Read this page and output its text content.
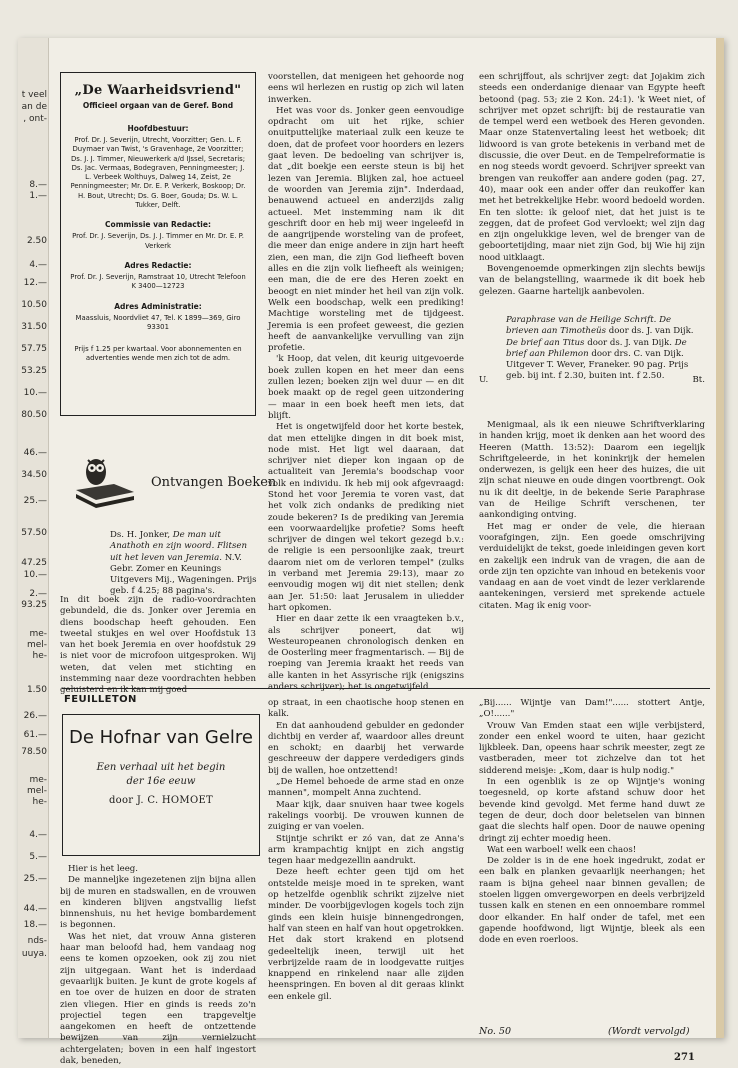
t veel
an de
, ont-
8.—
1.—
2.50
4.—
12.—
10.50
31.50
57.75
53.25
10.—
80.50
46.—
34.50
25.—
57.50
47.25
10.—
2.—
93.25
me-
mel-
he-
1.50
26.—
61.—
78.50
me-
mel-
he-
4.—
5.—
25.—
44.—
18.—
nds-
uuya.
„De Waarheidsvriend"
Officieel orgaan van de Geref. Bond
Hoofdbestuur:
Prof. Dr. J. Severijn, Utrecht, Voorzitter; Gen. L. F. Duymaer van Twist, 's Gravenhage, 2e Voorzitter; Ds. J. J. Timmer, Nieuwerkerk a/d IJssel, Secretaris; Ds. Jac. Vermaas, Bodegraven, Penningmeester; J. L. Verbeek Wolthuys, Dalweg 14, Zeist, 2e Penningmeester; Mr. Dr. E. P. Verkerk, Boskoop; Dr. H. Bout, Utrecht; Ds. G. Boer, Gouda; Ds. W. L. Tukker, Delft.
Commissie van Redactie:
Prof. Dr. J. Severijn, Ds. J. J. Timmer en Mr. Dr. E. P. Verkerk
Adres Redactie:
Prof. Dr. J. Severijn, Ramstraat 10, Utrecht Telefoon K 3400—12723
Adres Administratie:
Maassluis, Noordvliet 47, Tel. K 1899—369, Giro 93301
Prijs f 1.25 per kwartaal. Voor abonnementen en advertenties wende men zich tot de adm.
Ontvangen Boeken
Ds. H. Jonker, De man uit Anathoth en zijn woord. Flitsen uit het leven van Jeremia. N.V. Gebr. Zomer en Keunings Uitgevers Mij., Wageningen. Prijs geb. f 4.25; 88 pagina's.

In dit boek zijn de radio-voordrachten gebundeld, die ds. Jonker over Jeremia en diens boodschap heeft gehouden. Een tweetal stukjes en wel over Hoofdstuk 13 van het boek Jeremia en over hoofdstuk 29 is niet voor de microfoon uitgesproken. Wij weten, dat velen met stichting en instemming naar deze voordrachten hebben geluisterd en ik kan mij goed

voorstellen, dat menigeen het gehoorde nog eens wil herlezen en rustig op zich wil laten inwerken.

Het was voor ds. Jonker geen eenvoudige opdracht om uit het rijke, schier onuitputtelijke materiaal zulk een keuze te doen, dat de profeet voor hoorders en lezers gaat leven. De bedoeling van schrijver is, dat „dit boekje een eerste steun is bij het lezen van Jeremia. Blijken zal, hoe actueel de woorden van Jeremia zijn". Inderdaad, benauwend actueel en anderzijds zalig actueel. Met instemming nam ik dit geschrift door en heb mij weer ingeleefd in de aangrijpende worsteling van de profeet, die meer dan enige andere in zijn hart heeft zien, een man, die zijn God liefheeft boven alles en die zijn volk liefheeft als weinigen; een man, die de ere des Heren zoekt en beoogt en niet minder het heil van zijn volk. Welk een boodschap, welk een prediking! Machtige worsteling met de tijdgeest. Jeremia is een profeet geweest, die gezien heeft de aanvankelijke vervulling van zijn profetie.

'k Hoop, dat velen, dit keurig uitgevoerde boek zullen kopen en het meer dan eens zullen lezen; boeken zijn wel duur — en dit boek maakt op de regel geen uitzondering — maar in een boek heeft men iets, dat blijft.

Het is ongetwijfeld door het korte bestek, dat men ettelijke dingen in dit boek mist, node mist. Het ligt wel daaraan, dat schrijver niet dieper kon ingaan op de actualiteit van Jeremia's boodschap voor volk en individu. Ik heb mij ook afgevraagd: Stond het voor Jeremia te voren vast, dat het volk zich ondanks de prediking niet zoude bekeren? Is de prediking van Jeremia een voorwaardelijke profetie? Soms heeft schrijver de dingen wel tekort gezegd b.v.: de religie is een persoonlijke zaak, treurt daarom niet om de verloren tempel" (zulks in verband met Jeremia 29:13), maar zo eenvoudig mogen wij dit niet stellen; denk aan Jer. 51:50: laat Jerusalem in uliedder hart opkomen.

Hier en daar zette ik een vraagteken b.v., als schrijver poneert, dat wij Westeuropeanen chronologisch denken en de Oosterling meer fragmentarisch. — Bij de roeping van Jeremia kraakt het reeds van alle kanten in het Assyrische rijk (enigszins anders schrijver); het is ongetwijfeld

een schrijffout, als schrijver zegt: dat Jojakim zich steeds een onderdanige dienaar van Egypte heeft betoond (pag. 53; zie 2 Kon. 24:1). 'k Weet niet, of schrijver met opzet schrijft: bij de restauratie van de tempel werd een wetboek des Heren gevonden. Maar onze Statenvertaling leest het wetboek; dit lidwoord is van grote betekenis in verband met de discussie, die over Deut. en de Tempelreformatie is en nog steeds wordt gevoerd. Schrijver spreekt van brengen van reukoffer aan andere goden (pag. 27, 40), maar ook een ander offer dan reukoffer kan met het betrekkelijke Hebr. woord bedoeld worden. En ten slotte: ik geloof niet, dat het juist is te zeggen, dat de profeet God vervloekt; wel zijn dag en zijn ongelukkige leven, wel de brenger van de geboortetijding, maar niet zijn God, bij Wie hij zijn nood uitklaagt.

Bovengenoemde opmerkingen zijn slechts bewijs van de belangstelling, waarmede ik dit boek heb gelezen. Gaarne hartelijk aanbevolen.

U.	Bt.
Paraphrase van de Heilige Schrift. De brieven aan Timotheüs door ds. J. van Dijk. De brief aan Titus door ds. J. van Dijk. De brief aan Philemon door drs. C. van Dijk. Uitgever T. Wever, Franeker. 90 pag. Prijs geb. bij int. f 2.30, buiten int. f 2.50.

Menigmaal, als ik een nieuwe Schriftverklaring in handen krijg, moet ik denken aan het woord des Heeren (Matth. 13:52): Daarom een iegelijk Schriftgeleerde, in het koninkrijk der hemelen onderwezen, is gelijk een heer des huizes, die uit zijn schat nieuwe en oude dingen voortbrengt. Ook nu ik dit deeltje, in de bekende Serie Paraphrase van de Heilige Schrift verschenen, ter aankondiging ontving.

Het mag er onder de vele, die hieraan voorafgingen, zijn. Een goede omschrijving verduidelijkt de tekst, goede inleidingen geven kort en zakelijk een indruk van de vragen, die aan de orde zijn ten opzichte van inhoud en betekenis voor vandaag en aan de voet vindt de lezer verklarende aantekeningen, versierd met sprekende actuele citaten. Mag ik enig voor-

FEUILLETON
De Hofnar van Gelre
Een verhaal uit het begin
der 16e eeuw
door J. C. HOMOET

Hier is het leeg.

De manneljke ingezetenen zijn bijna allen bij de muren en stadswallen, en de vrouwen en kinderen blijven angstvallig liefst binnenshuis, nu het hevige bombardement is begonnen.

Was het niet, dat vrouw Anna gisteren haar man beloofd had, hem vandaag nog eens te komen opzoeken, ook zij zou niet zijn uitgegaan. Want het is inderdaad gevaarlijk buiten. Je kunt de grote kogels af en toe over de huizen en door de straten zien vliegen. Hier en ginds is reeds zo'n projectiel tegen een trapgeveltje aangekomen en heeft de ontzettende bewijzen van zijn vernielzucht achtergelaten; boven in een half ingestort dak, beneden,

op straat, in een chaotische hoop stenen en kalk.

En dat aanhoudend gebulder en gedonder dichtbij en verder af, waardoor alles dreunt en schokt; en daarbij het verwarde geschreeuw der dappere verdedigers ginds bij de wallen, hoe ontzettend!

„De Hemel behoede de arme stad en onze mannen", mompelt Anna zuchtend.

Maar kijk, daar snuiven haar twee kogels rakelings voorbij. De vrouwen kunnen de zuiging er van voelen.

Stijntje schrikt er zó van, dat ze Anna's arm krampachtig knijpt en zich angstig tegen haar medgezellin aandrukt.

Deze heeft echter geen tijd om het ontstelde meisje moed in te spreken, want op hetzelfde ogenblik schrikt zijzelve niet minder. De voorbijgevlogen kogels toch zijn ginds een klein huisje binnengedrongen, half van steen en half van hout opgetrokken. Het dak stort krakend en plotsend gedeeltelijk ineen, terwijl uit het verbrijzelde raam de in loodgevatte ruitjes knappend en rinkelend naar alle zijden heenspringen. En boven al dit geraas klinkt een enkele gil.

„Bij...... Wijntje van Dam!"...... stottert Antje, „O!......"

Vrouw Van Emden staat een wijle verbijsterd, zonder een enkel woord te uiten, haar gezicht lijkbleek. Dan, opeens haar schrik meester, zegt ze vastberaden, meer tot zichzelve dan tot het sidderend meisje: „Kom, daar is hulp nodig."

In een ogenblik is ze op Wijntje's woning toegesneld, op korte afstand schuw door het bevende kind gevolgd. Met ferme hand duwt ze tegen de deur, doch door beletselen van binnen gaat die slechts half open. Door de nauwe opening dringt zij echter moedig heen.

Wat een warboel! welk een chaos!

De zolder is in de ene hoek ingedrukt, zodat er een balk en planken gevaarlijk neerhangen; het raam is bijna geheel naar binnen gevallen; de stoelen liggen omvergeworpen en deels verbrijzeld tussen kalk en stenen en een onnoembare rommel door elkander. En half onder de tafel, met een gapende hoofdwond, ligt Wijntje, bleek als een dode en even roerloos.

No. 50	(Wordt vervolgd)
271
